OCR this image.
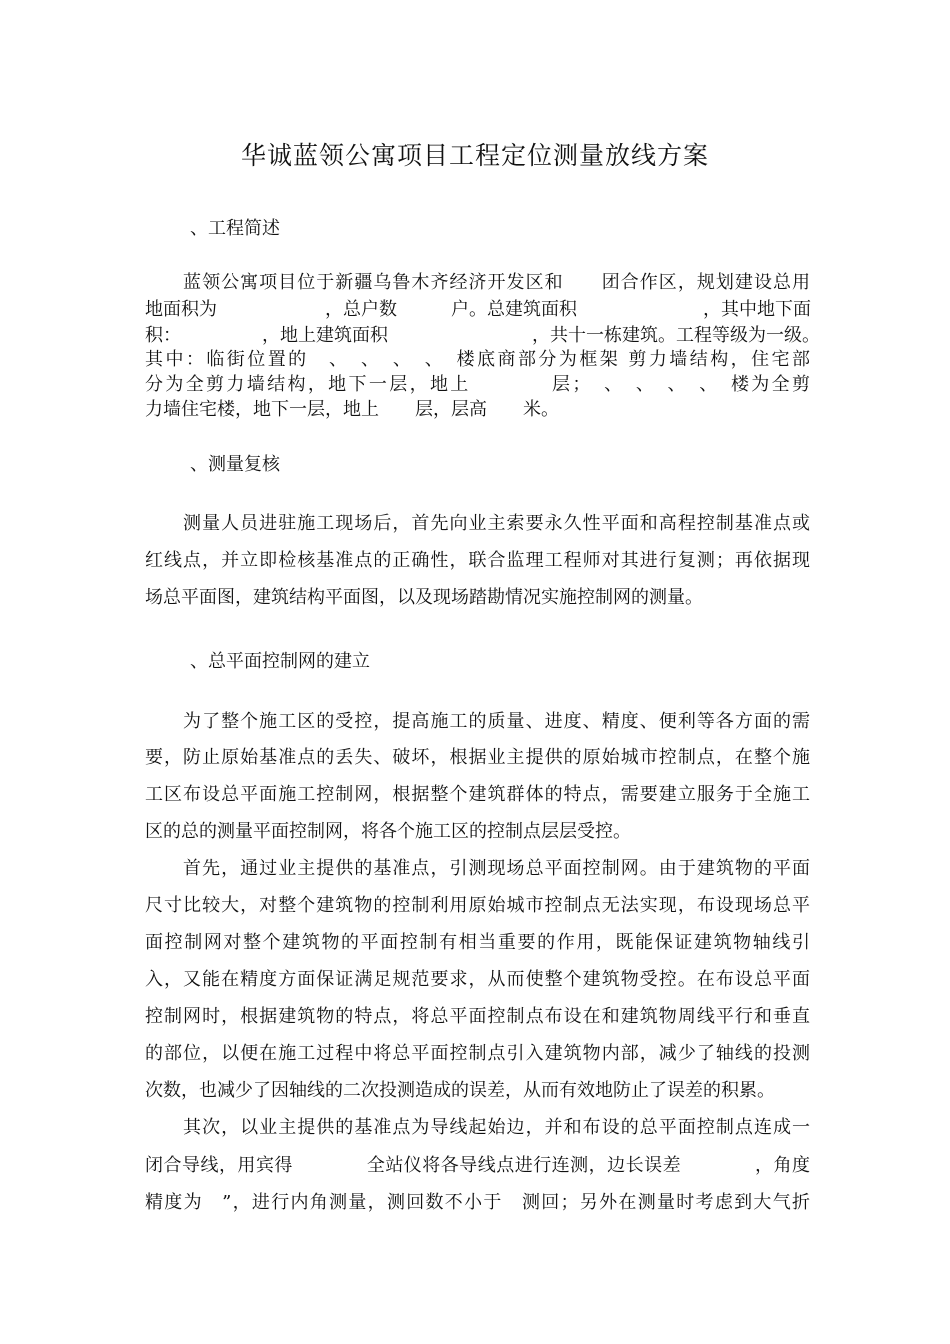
华诚蓝领公寓项目工程定位测量放线方案
、工程简述
　　蓝领公寓项目位于新疆乌鲁木齐经济开发区和　　团合作区，规划建设总用
地面积为　　　　　　，总户数　　　户。总建筑面积　　　　　　　，其中地下面
积：　　　　　，地上建筑面积　　　　　　　　，共十一栋建筑。工程等级为一级。
其中：临街位置的　、　、　、　、　楼底商部分为框架 剪力墙结构，住宅部
分为全剪力墙结构，地下一层，地上　　　　层；　、　、　、　、　楼为全剪
力墙住宅楼，地下一层，地上　　层，层高　　米。
、测量复核
　　测量人员进驻施工现场后，首先向业主索要永久性平面和高程控制基准点或
红线点，并立即检核基准点的正确性，联合监理工程师对其进行复测；再依据现
场总平面图，建筑结构平面图，以及现场踏勘情况实施控制网的测量。
、总平面控制网的建立
　　为了整个施工区的受控，提高施工的质量、进度、精度、便利等各方面的需
要，防止原始基准点的丢失、破坏，根据业主提供的原始城市控制点，在整个施
工区布设总平面施工控制网，根据整个建筑群体的特点，需要建立服务于全施工
区的总的测量平面控制网，将各个施工区的控制点层层受控。
　　首先，通过业主提供的基准点，引测现场总平面控制网。由于建筑物的平面
尺寸比较大，对整个建筑物的控制利用原始城市控制点无法实现，布设现场总平
面控制网对整个建筑物的平面控制有相当重要的作用，既能保证建筑物轴线引
入，又能在精度方面保证满足规范要求，从而使整个建筑物受控。在布设总平面
控制网时，根据建筑物的特点，将总平面控制点布设在和建筑物周线平行和垂直
的部位，以便在施工过程中将总平面控制点引入建筑物内部，减少了轴线的投测
次数，也减少了因轴线的二次投测造成的误差，从而有效地防止了误差的积累。
　　其次，以业主提供的基准点为导线起始边，并和布设的总平面控制点连成一
闭合导线，用宾得　　　　全站仪将各导线点进行连测，边长误差　　　　，角度
精度为　”，进行内角测量，测回数不小于　测回；另外在测量时考虑到大气折
